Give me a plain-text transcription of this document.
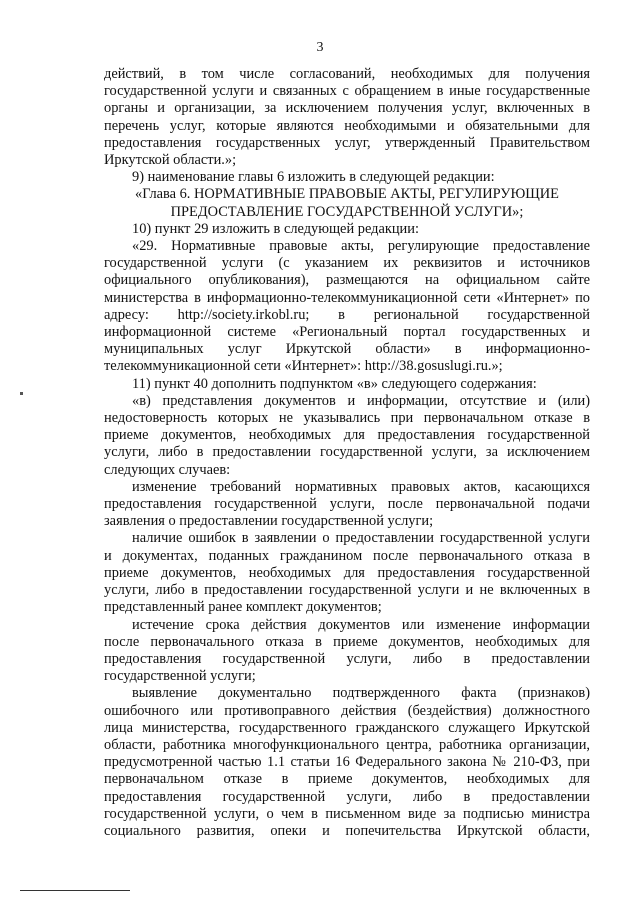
3

действий, в том числе согласований, необходимых для получения

государственной услуги и связанных с обращением в иные государственные

органы и организации, за исключением получения услуг, включенных в

перечень услуг, которые являются необходимыми и обязательными для

предоставления государственных услуг, утвержденный Правительством

Иркутской области.»;

9) наименование главы 6 изложить в следующей редакции:

«Глава 6. НОРМАТИВНЫЕ ПРАВОВЫЕ АКТЫ, РЕГУЛИРУЮЩИЕ

ПРЕДОСТАВЛЕНИЕ ГОСУДАРСТВЕННОЙ УСЛУГИ»;

10) пункт 29 изложить в следующей редакции:

«29. Нормативные правовые акты, регулирующие предоставление

государственной услуги (с указанием их реквизитов и источников

официального опубликования), размещаются на официальном сайте

министерства в информационно-телекоммуникационной сети «Интернет» по

адресу: http://society.irkobl.ru; в региональной государственной

информационной системе «Региональный портал государственных и

муниципальных услуг Иркутской области» в информационно-

телекоммуникационной сети «Интернет»: http://38.gosuslugi.ru.»;

11) пункт 40 дополнить подпунктом «в» следующего содержания:

«в) представления документов и информации, отсутствие и (или)

недостоверность которых не указывались при первоначальном отказе в

приеме документов, необходимых для предоставления государственной

услуги, либо в предоставлении государственной услуги, за исключением

следующих случаев:

изменение требований нормативных правовых актов, касающихся

предоставления государственной услуги, после первоначальной подачи

заявления о предоставлении государственной услуги;

наличие ошибок в заявлении о предоставлении государственной услуги

и документах, поданных гражданином после первоначального отказа в

приеме документов, необходимых для предоставления государственной

услуги, либо в предоставлении государственной услуги и не включенных в

представленный ранее комплект документов;

истечение срока действия документов или изменение информации

после первоначального отказа в приеме документов, необходимых для

предоставления государственной услуги, либо в предоставлении

государственной услуги;

выявление документально подтвержденного факта (признаков)

ошибочного или противоправного действия (бездействия) должностного

лица министерства, государственного гражданского служащего Иркутской

области, работника многофункционального центра, работника организации,

предусмотренной частью 1.1 статьи 16 Федерального закона № 210-ФЗ, при

первоначальном отказе в приеме документов, необходимых для

предоставления государственной услуги, либо в предоставлении

государственной услуги, о чем в письменном виде за подписью министра

социального развития, опеки и попечительства Иркутской области,
